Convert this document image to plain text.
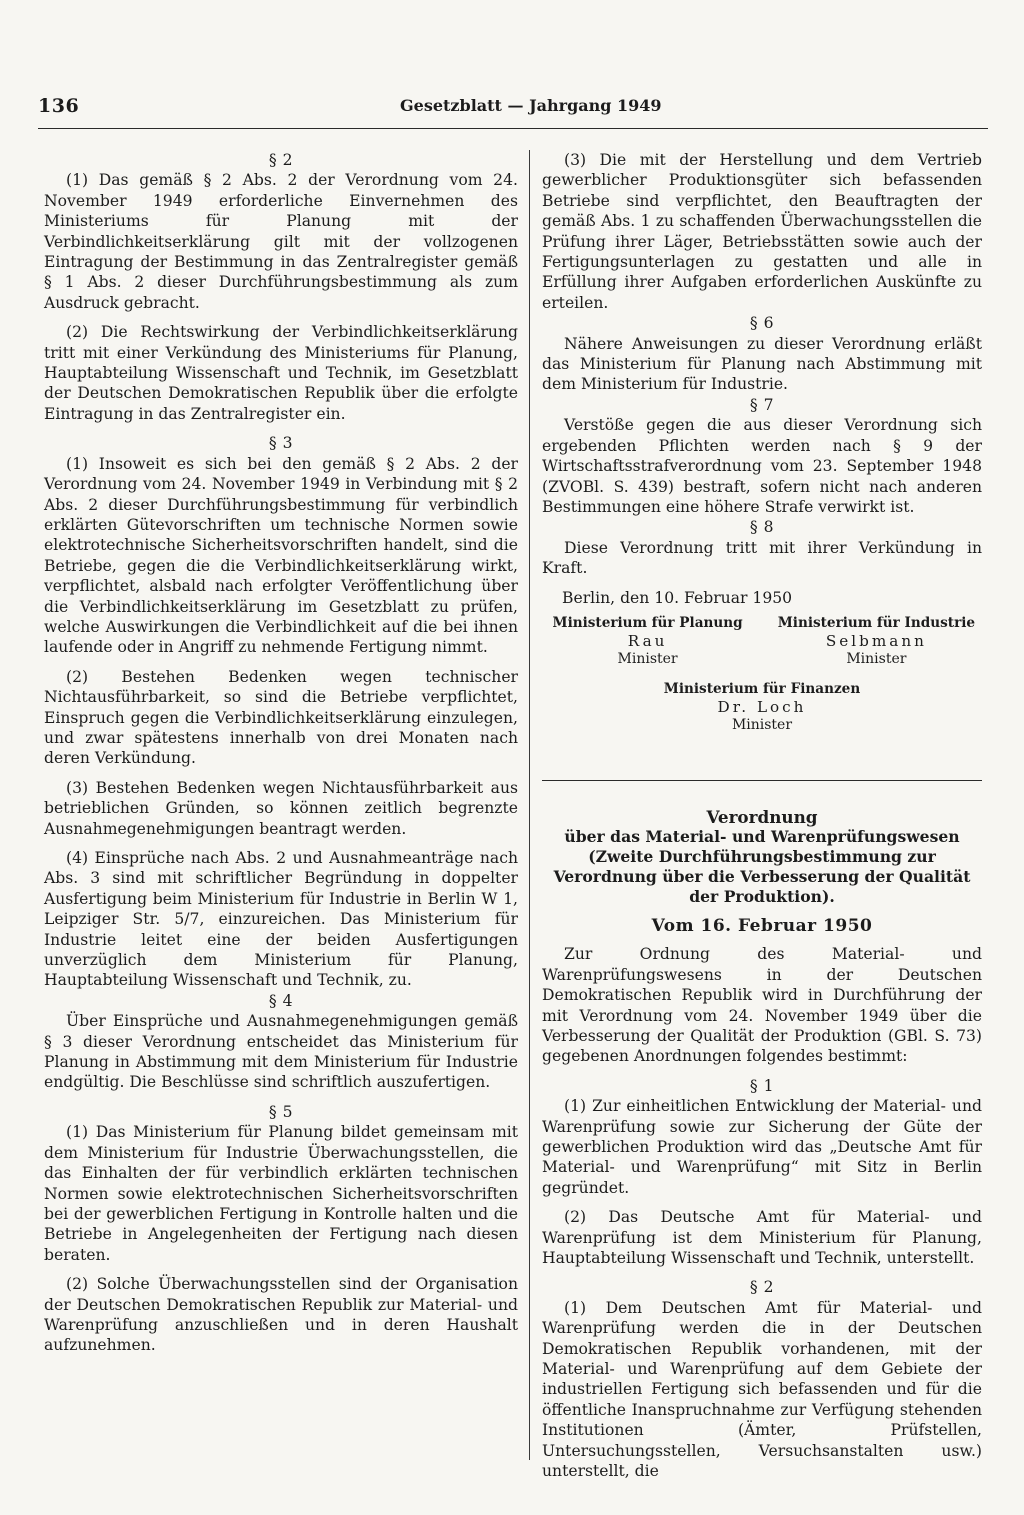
136	Gesetzblatt — Jahrgang 1949
§ 2

(1) Das gemäß § 2 Abs. 2 der Verordnung vom 24. November 1949 erforderliche Einvernehmen des Ministeriums für Planung mit der Verbindlichkeitserklärung gilt mit der vollzogenen Eintragung der Bestimmung in das Zentralregister gemäß § 1 Abs. 2 dieser Durchführungsbestimmung als zum Ausdruck gebracht.

(2) Die Rechtswirkung der Verbindlichkeitserklärung tritt mit einer Verkündung des Ministeriums für Planung, Hauptabteilung Wissenschaft und Technik, im Gesetzblatt der Deutschen Demokratischen Republik über die erfolgte Eintragung in das Zentralregister ein.

§ 3

(1) Insoweit es sich bei den gemäß § 2 Abs. 2 der Verordnung vom 24. November 1949 in Verbindung mit § 2 Abs. 2 dieser Durchführungsbestimmung für verbindlich erklärten Gütevorschriften um technische Normen sowie elektrotechnische Sicherheitsvorschriften handelt, sind die Betriebe, gegen die die Verbindlichkeitserklärung wirkt, verpflichtet, alsbald nach erfolgter Veröffentlichung über die Verbindlichkeitserklärung im Gesetzblatt zu prüfen, welche Auswirkungen die Verbindlichkeit auf die bei ihnen laufende oder in Angriff zu nehmende Fertigung nimmt.

(2) Bestehen Bedenken wegen technischer Nichtausführbarkeit, so sind die Betriebe verpflichtet, Einspruch gegen die Verbindlichkeitserklärung einzulegen, und zwar spätestens innerhalb von drei Monaten nach deren Verkündung.

(3) Bestehen Bedenken wegen Nichtausführbarkeit aus betrieblichen Gründen, so können zeitlich begrenzte Ausnahmegenehmigungen beantragt werden.

(4) Einsprüche nach Abs. 2 und Ausnahmeanträge nach Abs. 3 sind mit schriftlicher Begründung in doppelter Ausfertigung beim Ministerium für Industrie in Berlin W 1, Leipziger Str. 5/7, einzureichen. Das Ministerium für Industrie leitet eine der beiden Ausfertigungen unverzüglich dem Ministerium für Planung, Hauptabteilung Wissenschaft und Technik, zu.

§ 4

Über Einsprüche und Ausnahmegenehmigungen gemäß § 3 dieser Verordnung entscheidet das Ministerium für Planung in Abstimmung mit dem Ministerium für Industrie endgültig. Die Beschlüsse sind schriftlich auszufertigen.

§ 5

(1) Das Ministerium für Planung bildet gemeinsam mit dem Ministerium für Industrie Überwachungsstellen, die das Einhalten der für verbindlich erklärten technischen Normen sowie elektrotechnischen Sicherheitsvorschriften bei der gewerblichen Fertigung in Kontrolle halten und die Betriebe in Angelegenheiten der Fertigung nach diesen beraten.

(2) Solche Überwachungsstellen sind der Organisation der Deutschen Demokratischen Republik zur Material- und Warenprüfung anzuschließen und in deren Haushalt aufzunehmen.

(3) Die mit der Herstellung und dem Vertrieb gewerblicher Produktionsgüter sich befassenden Betriebe sind verpflichtet, den Beauftragten der gemäß Abs. 1 zu schaffenden Überwachungsstellen die Prüfung ihrer Läger, Betriebsstätten sowie auch der Fertigungsunterlagen zu gestatten und alle in Erfüllung ihrer Aufgaben erforderlichen Auskünfte zu erteilen.

§ 6

Nähere Anweisungen zu dieser Verordnung erläßt das Ministerium für Planung nach Abstimmung mit dem Ministerium für Industrie.

§ 7

Verstöße gegen die aus dieser Verordnung sich ergebenden Pflichten werden nach § 9 der Wirtschaftsstrafverordnung vom 23. September 1948 (ZVOBl. S. 439) bestraft, sofern nicht nach anderen Bestimmungen eine höhere Strafe verwirkt ist.

§ 8

Diese Verordnung tritt mit ihrer Verkündung in Kraft.

Berlin, den 10. Februar 1950
Ministerium für Planung
Rau
Minister
Ministerium für Industrie
Selbmann
Minister
Ministerium für Finanzen
Dr. Loch
Minister
Verordnung
über das Material- und Warenprüfungswesen
(Zweite Durchführungsbestimmung zur Verordnung über die Verbesserung der Qualität der Produktion).
Vom 16. Februar 1950

Zur Ordnung des Material- und Warenprüfungswesens in der Deutschen Demokratischen Republik wird in Durchführung der mit Verordnung vom 24. November 1949 über die Verbesserung der Qualität der Produktion (GBl. S. 73) gegebenen Anordnungen folgendes bestimmt:

§ 1

(1) Zur einheitlichen Entwicklung der Material- und Warenprüfung sowie zur Sicherung der Güte der gewerblichen Produktion wird das „Deutsche Amt für Material- und Warenprüfung“ mit Sitz in Berlin gegründet.

(2) Das Deutsche Amt für Material- und Warenprüfung ist dem Ministerium für Planung, Hauptabteilung Wissenschaft und Technik, unterstellt.

§ 2

(1) Dem Deutschen Amt für Material- und Warenprüfung werden die in der Deutschen Demokratischen Republik vorhandenen, mit der Material- und Warenprüfung auf dem Gebiete der industriellen Fertigung sich befassenden und für die öffentliche Inanspruchnahme zur Verfügung stehenden Institutionen (Ämter, Prüfstellen, Untersuchungsstellen, Versuchsanstalten usw.) unterstellt, die
